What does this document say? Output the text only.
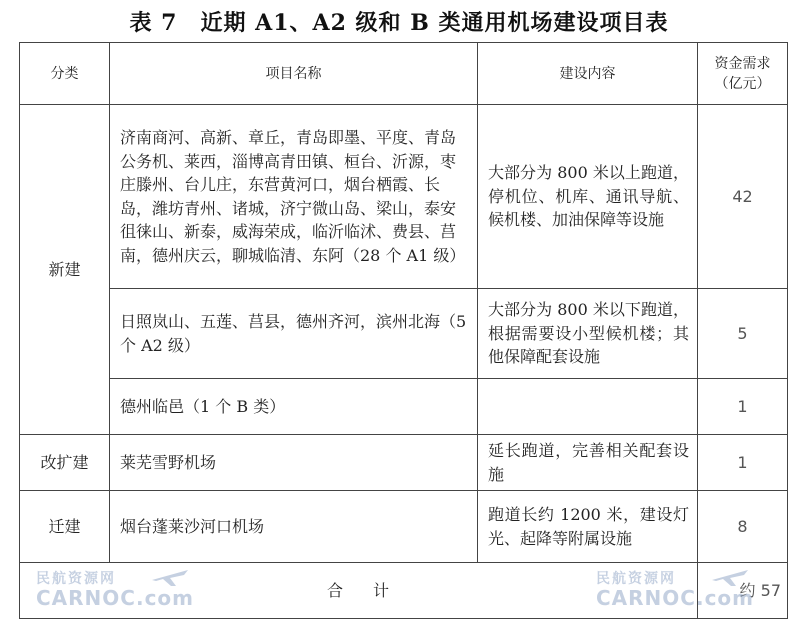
表 7　近期 A1、A2 级和 B 类通用机场建设项目表
分类	项目名称	建设内容	资金需求（亿元）
新建	济南商河、高新、章丘，青岛即墨、平度、青岛公务机、莱西，淄博高青田镇、桓台、沂源，枣庄滕州、台儿庄，东营黄河口，烟台栖霞、长岛，潍坊青州、诸城，济宁微山岛、梁山，泰安徂徕山、新泰，威海荣成，临沂临沭、费县、莒南，德州庆云，聊城临清、东阿（28 个 A1 级）	大部分为 800 米以上跑道，停机位、机库、通讯导航、候机楼、加油保障等设施	42
	日照岚山、五莲、莒县，德州齐河，滨州北海（5 个 A2 级）	大部分为 800 米以下跑道，根据需要设小型候机楼；其他保障配套设施	5
	德州临邑（1 个 B 类）		1
改扩建	莱芜雪野机场	延长跑道，完善相关配套设施	1
迁建	烟台蓬莱沙河口机场	跑道长约 1200 米，建设灯光、起降等附属设施	8
合计			约 57
民航资源网
CARNOC.com
民航资源网
CARNOC.com
